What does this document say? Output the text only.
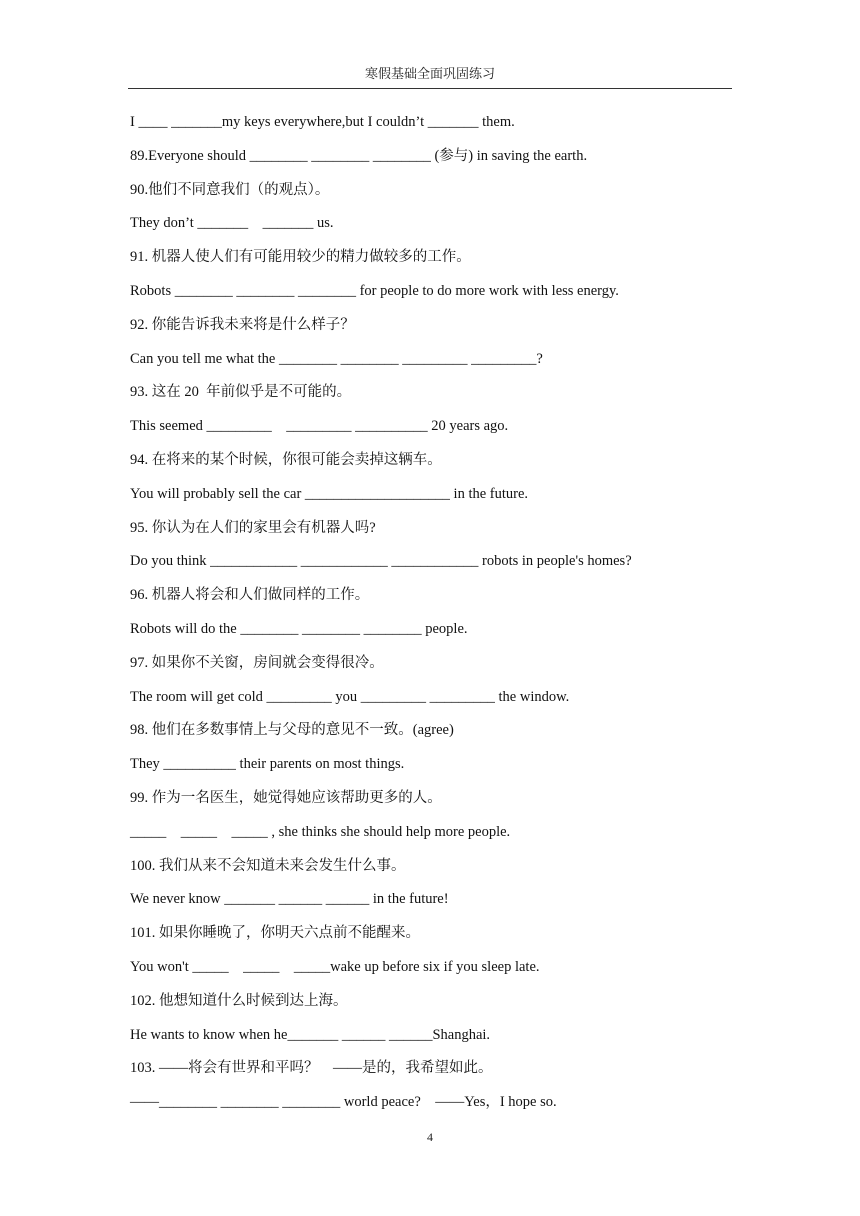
寒假基础全面巩固练习
I ____ _______my keys everywhere,but I couldn’t _______ them.
89.Everyone should ________ ________ ________ (参与) in saving the earth.
90.他们不同意我们（的观点）。
They don’t _______    _______ us.
91. 机器人使人们有可能用较少的精力做较多的工作。
Robots ________ ________ ________ for people to do more work with less energy.
92. 你能告诉我未来将是什么样子？
Can you tell me what the ________ ________ _________ _________?
93. 这在 20  年前似乎是不可能的。
This seemed _________    _________ __________ 20 years ago.
94. 在将来的某个时候，你很可能会卖掉这辆车。
You will probably sell the car ____________________ in the future.
95. 你认为在人们的家里会有机器人吗?
Do you think ____________ ____________ ____________ robots in people's homes?
96. 机器人将会和人们做同样的工作。
Robots will do the ________ ________ ________ people.
97. 如果你不关窗，房间就会变得很冷。
The room will get cold _________ you _________ _________ the window.
98. 他们在多数事情上与父母的意见不一致。(agree)
They __________ their parents on most things.
99. 作为一名医生，她觉得她应该帮助更多的人。
_____    _____    _____ , she thinks she should help more people.
100. 我们从来不会知道未来会发生什么事。
We never know _______ ______ ______ in the future!
101. 如果你睡晚了，你明天六点前不能醒来。
You won't _____    _____    _____wake up before six if you sleep late.
102. 他想知道什么时候到达上海。
He wants to know when he_______ ______ ______Shanghai.
103. ——将会有世界和平吗？    ——是的，我希望如此。
——________ ________ ________ world peace?    ——Yes，I hope so.
4
